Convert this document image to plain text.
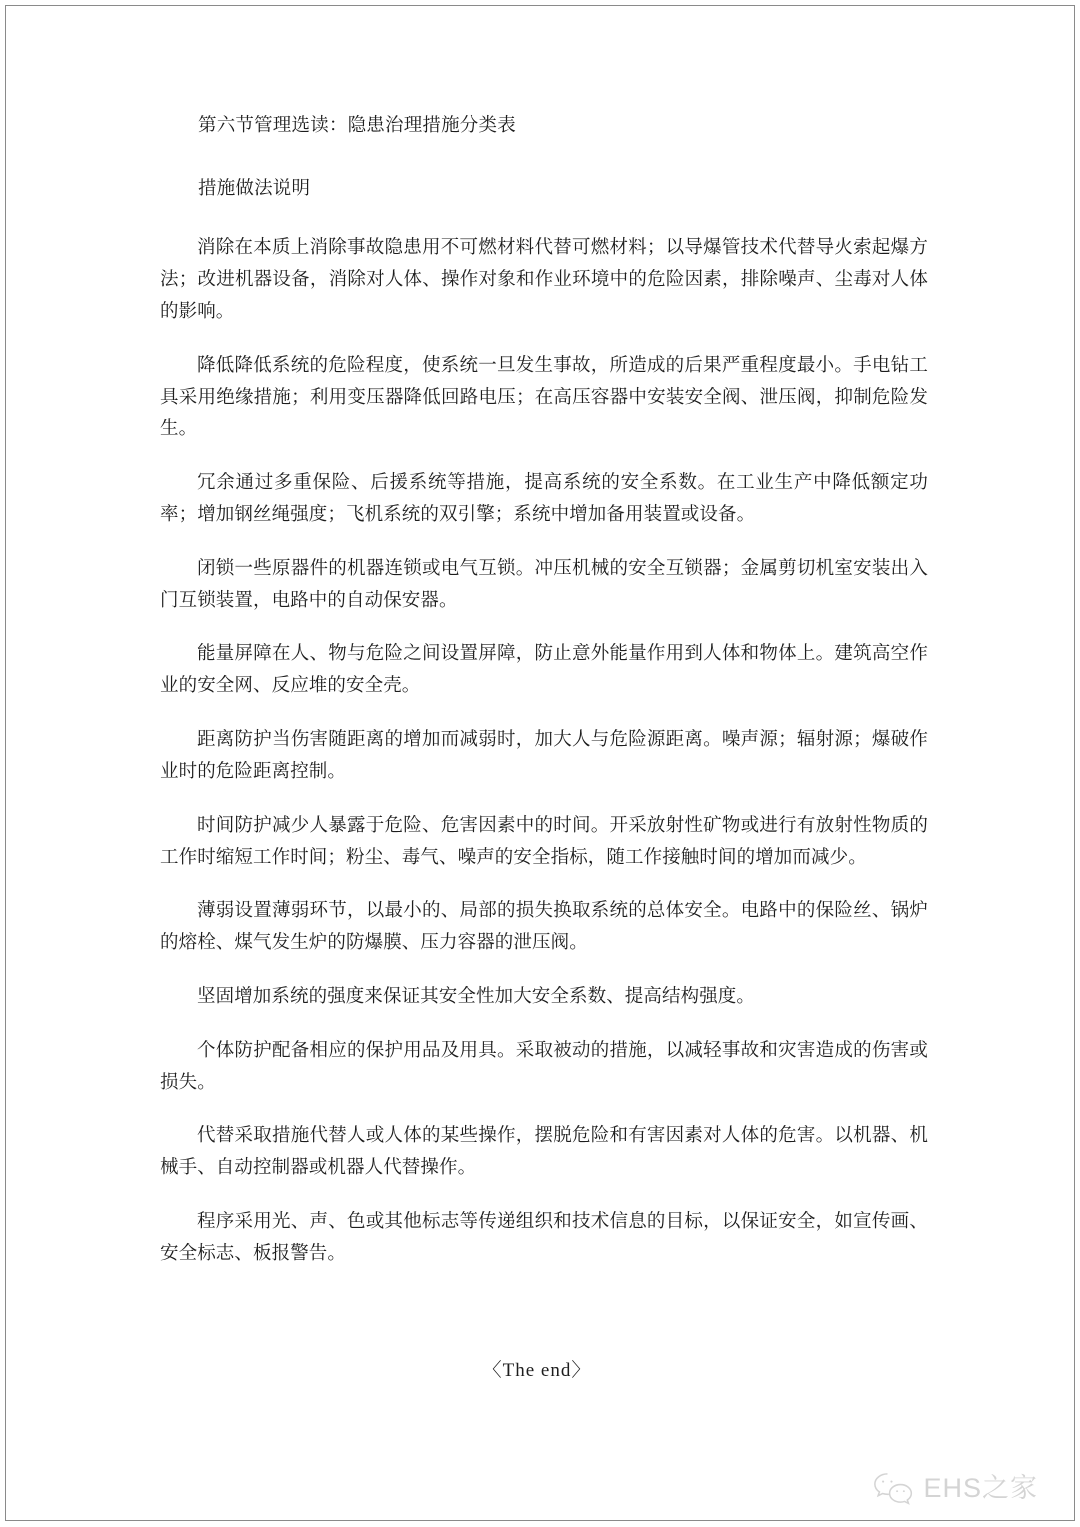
第六节管理选读：隐患治理措施分类表
措施做法说明

消除在本质上消除事故隐患用不可燃材料代替可燃材料；以导爆管技术代替导火索起爆方法；改进机器设备，消除对人体、操作对象和作业环境中的危险因素，排除噪声、尘毒对人体的影响。

降低降低系统的危险程度，使系统一旦发生事故，所造成的后果严重程度最小。手电钻工具采用绝缘措施；利用变压器降低回路电压；在高压容器中安装安全阀、泄压阀，抑制危险发生。

冗余通过多重保险、后援系统等措施，提高系统的安全系数。在工业生产中降低额定功率；增加钢丝绳强度；飞机系统的双引擎；系统中增加备用装置或设备。

闭锁一些原器件的机器连锁或电气互锁。冲压机械的安全互锁器；金属剪切机室安装出入门互锁装置，电路中的自动保安器。

能量屏障在人、物与危险之间设置屏障，防止意外能量作用到人体和物体上。建筑高空作业的安全网、反应堆的安全壳。

距离防护当伤害随距离的增加而减弱时，加大人与危险源距离。噪声源；辐射源；爆破作业时的危险距离控制。

时间防护减少人暴露于危险、危害因素中的时间。开采放射性矿物或进行有放射性物质的工作时缩短工作时间；粉尘、毒气、噪声的安全指标，随工作接触时间的增加而减少。

薄弱设置薄弱环节，以最小的、局部的损失换取系统的总体安全。电路中的保险丝、锅炉的熔栓、煤气发生炉的防爆膜、压力容器的泄压阀。

坚固增加系统的强度来保证其安全性加大安全系数、提高结构强度。

个体防护配备相应的保护用品及用具。采取被动的措施，以减轻事故和灾害造成的伤害或损失。

代替采取措施代替人或人体的某些操作，摆脱危险和有害因素对人体的危害。以机器、机械手、自动控制器或机器人代替操作。

程序采用光、声、色或其他标志等传递组织和技术信息的目标，以保证安全，如宣传画、安全标志、板报警告。

〈The end〉
EHS之家
